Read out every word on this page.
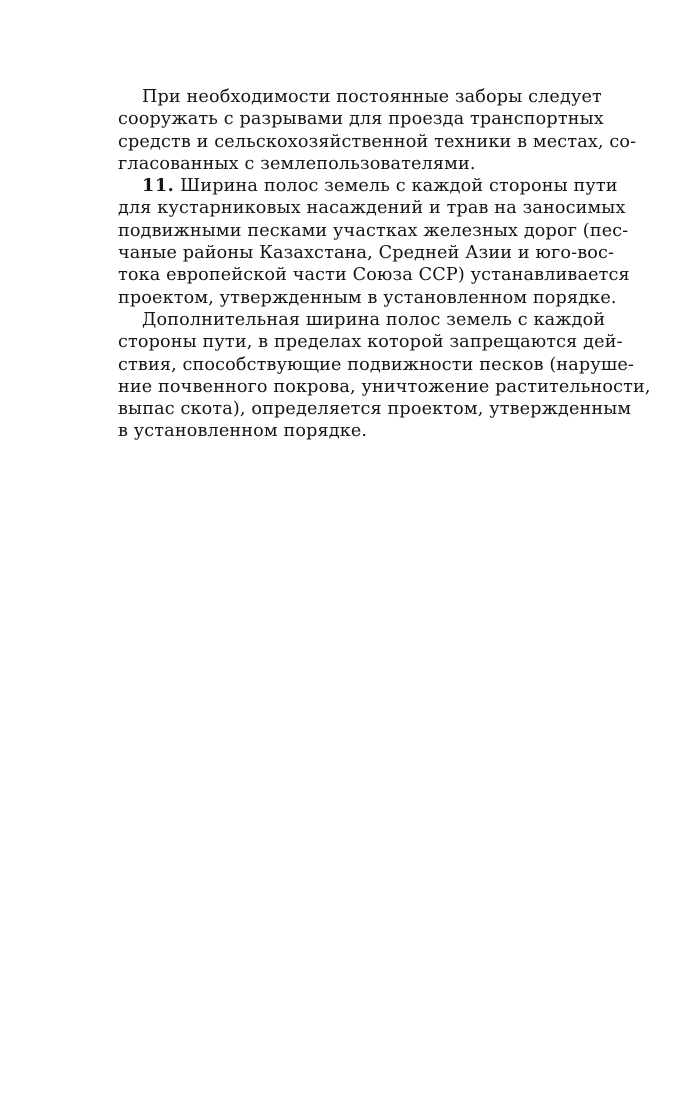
При необходимости постоянные заборы следует
сооружать с разрывами для проезда транспортных
средств и сельскохозяйственной техники в местах, со-
гласованных с землепользователями.
11. Ширина полос земель с каждой стороны пути
для кустарниковых насаждений и трав на заносимых
подвижными песками участках железных дорог (пес-
чаные районы Казахстана, Средней Азии и юго-вос-
тока европейской части Союза ССР) устанавливается
проектом, утвержденным в установленном порядке.
Дополнительная ширина полос земель с каждой
стороны пути, в пределах которой запрещаются дей-
ствия, способствующие подвижности песков (наруше-
ние почвенного покрова, уничтожение растительности,
выпас скота), определяется проектом, утвержденным
в установленном порядке.
